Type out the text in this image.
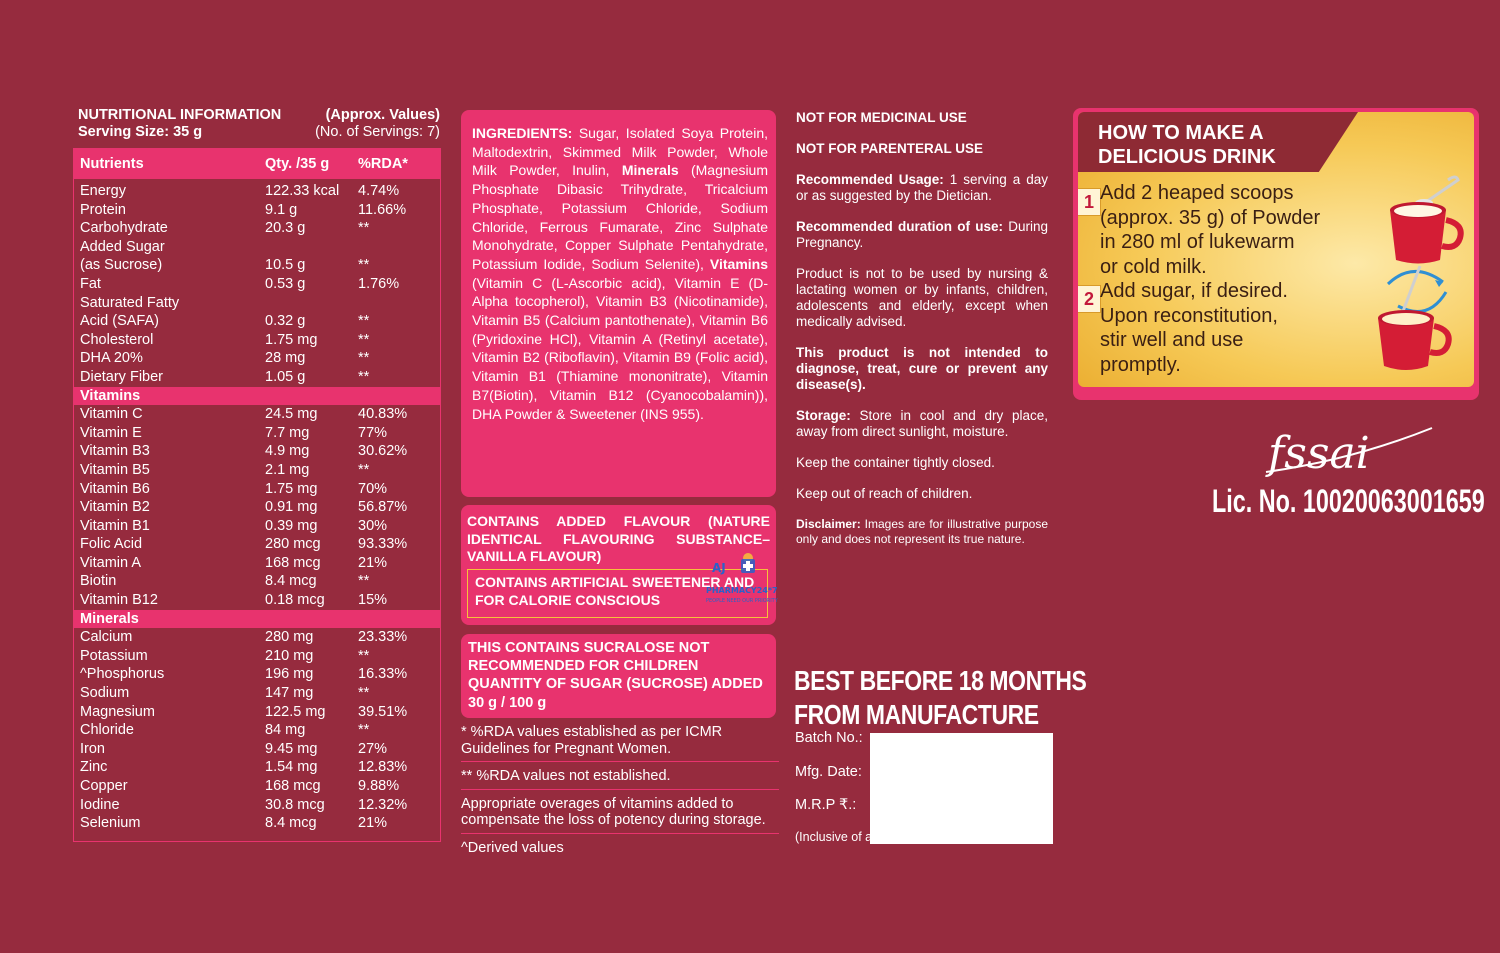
NUTRITIONAL INFORMATION	(Approx. Values)
Serving Size: 35 g	(No. of Servings: 7)
Nutrients	Qty. /35 g %RDA*
Energy	122.33 kcal 4.74%
Protein	9.1 g	11.66%
Carbohydrate	20.3 g	**
Added Sugar
(as Sucrose)	10.5 g	**
Fat	0.53 g	1.76%
Saturated Fatty
Acid (SAFA)	0.32 g	**
Cholesterol	1.75 mg	**
DHA 20%	28 mg	**
Dietary Fiber	1.05 g	**
Vitamins
Vitamin C	24.5 mg	40.83%
Vitamin E	7.7 mg	77%
Vitamin B3	4.9 mg	30.62%
Vitamin B5	2.1 mg	**
Vitamin B6	1.75 mg	70%
Vitamin B2	0.91 mg	56.87%
Vitamin B1	0.39 mg	30%
Folic Acid	280 mcg	93.33%
Vitamin A	168 mcg	21%
Biotin	8.4 mcg	**
Vitamin B12	0.18 mcg 15%
Minerals
Calcium	280 mg	23.33%
Potassium	210 mg	**
^Phosphorus	196 mg	16.33%
Sodium	147 mg	**
Magnesium	122.5 mg 39.51%
Chloride	84 mg	**
Iron	9.45 mg	27%
Zinc	1.54 mg	12.83%
Copper	168 mcg	9.88%
Iodine	30.8 mcg 12.32%
Selenium	8.4 mcg	21%
INGREDIENTS: Sugar, Isolated Soya Protein, Maltodextrin, Skimmed Milk Powder, Whole Milk Powder, Inulin, Minerals (Magnesium Phosphate Dibasic Trihydrate, Tricalcium Phosphate, Potassium Chloride, Sodium Chloride, Ferrous Fumarate, Zinc Sulphate Monohydrate, Copper Sulphate Pentahydrate, Potassium Iodide, Sodium Selenite), Vitamins (Vitamin C (L-Ascorbic acid), Vitamin E (D-Alpha tocopherol), Vitamin B3 (Nicotinamide), Vitamin B5 (Calcium pantothenate), Vitamin B6 (Pyridoxine HCl), Vitamin A (Retinyl acetate), Vitamin B2 (Riboflavin), Vitamin B9 (Folic acid), Vitamin B1 (Thiamine mononitrate), Vitamin B7(Biotin), Vitamin B12 (Cyanocobalamin)), DHA Powder & Sweetener (INS 955).
CONTAINS ADDED FLAVOUR (NATURE IDENTICAL FLAVOURING SUBSTANCE– VANILLA FLAVOUR)
CONTAINS ARTIFICIAL SWEETENER AND FOR CALORIE CONSCIOUS
THIS CONTAINS SUCRALOSE NOT RECOMMENDED FOR CHILDREN QUANTITY OF SUGAR (SUCROSE) ADDED 30 g / 100 g
* %RDA values established as per ICMR Guidelines for Pregnant Women.
** %RDA values not established.
Appropriate overages of vitamins added to compensate the loss of potency during storage.
^Derived values
AJ
PHARMACY24*7
PEOPLE NEED OUR PRIORITY

NOT FOR MEDICINAL USE

NOT FOR PARENTERAL USE

Recommended Usage: 1 serving a day or as suggested by the Dietician.

Recommended duration of use: During Pregnancy.

Product is not to be used by nursing & lactating women or by infants, children, adolescents and elderly, except when medically advised.

This product is not intended to diagnose, treat, cure or prevent any disease(s).

Storage: Store in cool and dry place, away from direct sunlight, moisture.

Keep the container tightly closed.

Keep out of reach of children.

Disclaimer: Images are for illustrative purpose only and does not represent its true nature.

BEST BEFORE 18 MONTHS
FROM MANUFACTURE
Batch No.:
Mfg. Date:
M.R.P ₹.:
(Inclusive of all taxes)
HOW TO MAKE A
DELICIOUS DRINK
1 Add 2 heaped scoops
(approx. 35 g) of Powder
in 280 ml of lukewarm
or cold milk.
2 Add sugar, if desired.
Upon reconstitution,
stir well and use
promptly.
fssai
Lic. No. 10020063001659
